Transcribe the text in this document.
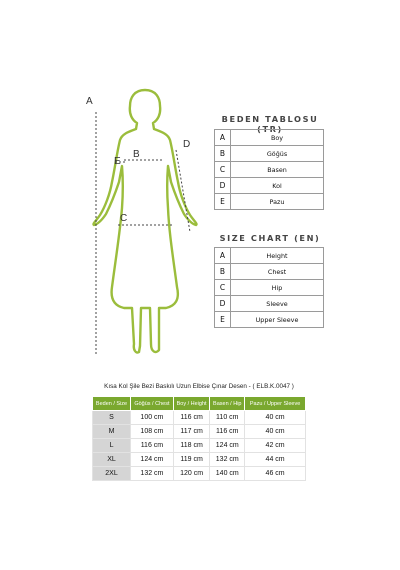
A
B
C
D
E
BEDEN TABLOSU (TR)
A	Boy
B	Göğüs
C	Basen
D	Kol
E	Pazu
SIZE CHART (EN)
A	Height
B	Chest
C	Hip
D	Sleeve
E	Upper Sleeve
Kısa Kol Şile Bezi Baskılı Uzun Elbise Çınar Desen - ( ELB.K.0047 )
Beden / Size	Göğüs / Chest	Boy / Height	Basen / Hip	Pazu / Upper Sleeve
S	100 cm	116 cm	110 cm	40 cm
M	108 cm	117 cm	116 cm	40 cm
L	116 cm	118 cm	124 cm	42 cm
XL	124 cm	119 cm	132 cm	44 cm
2XL	132 cm	120 cm	140 cm	46 cm
